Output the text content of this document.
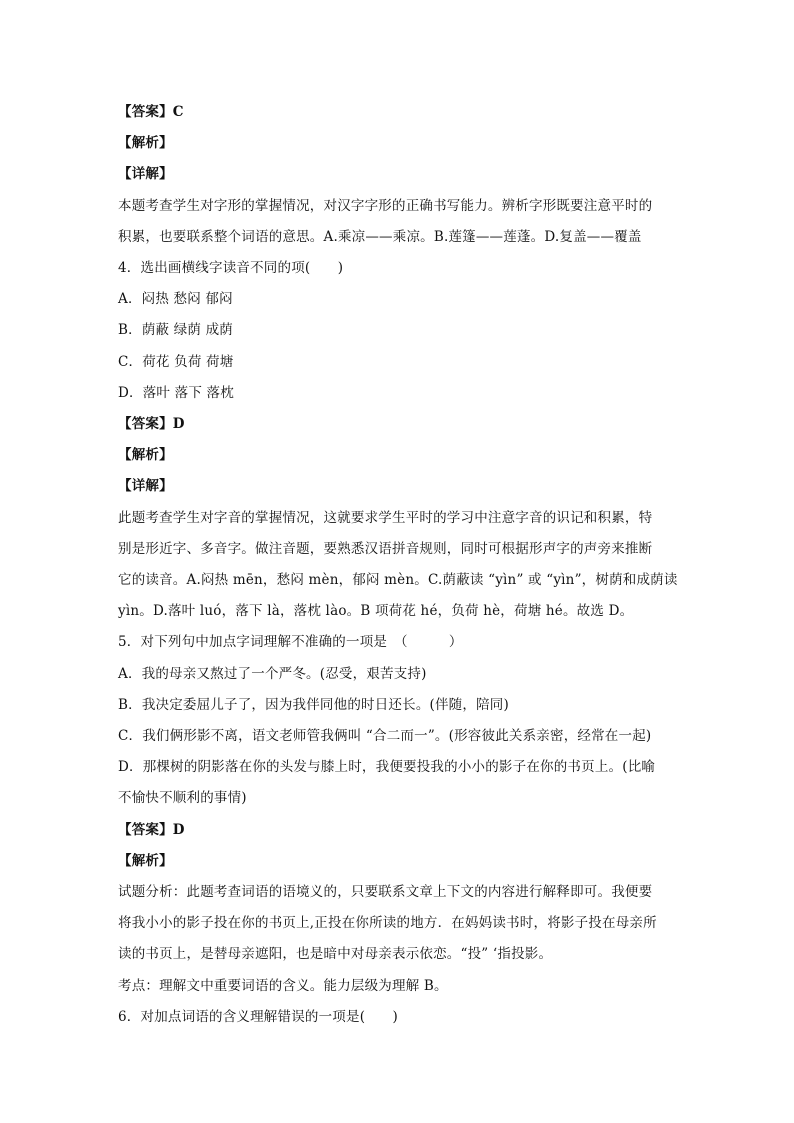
【答案】C
【解析】
【详解】
本题考查学生对字形的掌握情况，对汉字字形的正确书写能力。辨析字形既要注意平时的
积累，也要联系整个词语的意思。A.乘凉——乘凉。B.莲篷——莲蓬。D.复盖——覆盖
4．选出画横线字读音不同的项(　　)
A．闷热 愁闷 郁闷
B．荫蔽 绿荫 成荫
C．荷花 负荷 荷塘
D．落叶 落下 落枕
【答案】D
【解析】
【详解】
此题考查学生对字音的掌握情况，这就要求学生平时的学习中注意字音的识记和积累，特
别是形近字、多音字。做注音题，要熟悉汉语拼音规则，同时可根据形声字的声旁来推断
它的读音。A.闷热 mēn，愁闷 mèn，郁闷 mèn。C.荫蔽读 “yìn” 或 “yìn”，树荫和成荫读
yìn。D.落叶 luó，落下 là，落枕 lào。B 项荷花 hé，负荷 hè，荷塘 hé。故选 D。
5．对下列句中加点字词理解不准确的一项是　（　　　）
A．我的母亲又熬过了一个严冬。(忍受，艰苦支持)
B．我决定委屈儿子了，因为我伴同他的时日还长。(伴随，陪同)
C．我们俩形影不离，语文老师管我俩叫 “合二而一”。(形容彼此关系亲密，经常在一起)
D．那棵树的阴影落在你的头发与膝上时，我便要投我的小小的影子在你的书页上。(比喻
不愉快不顺利的事情)
【答案】D
【解析】
试题分析：此题考查词语的语境义的，只要联系文章上下文的内容进行解释即可。我便要
将我小小的影子投在你的书页上,正投在你所读的地方．在妈妈读书时，将影子投在母亲所
读的书页上，是替母亲遮阳，也是暗中对母亲表示依恋。“投” ‘指投影。
考点：理解文中重要词语的含义。能力层级为理解 B。
6．对加点词语的含义理解错误的一项是(　　)
